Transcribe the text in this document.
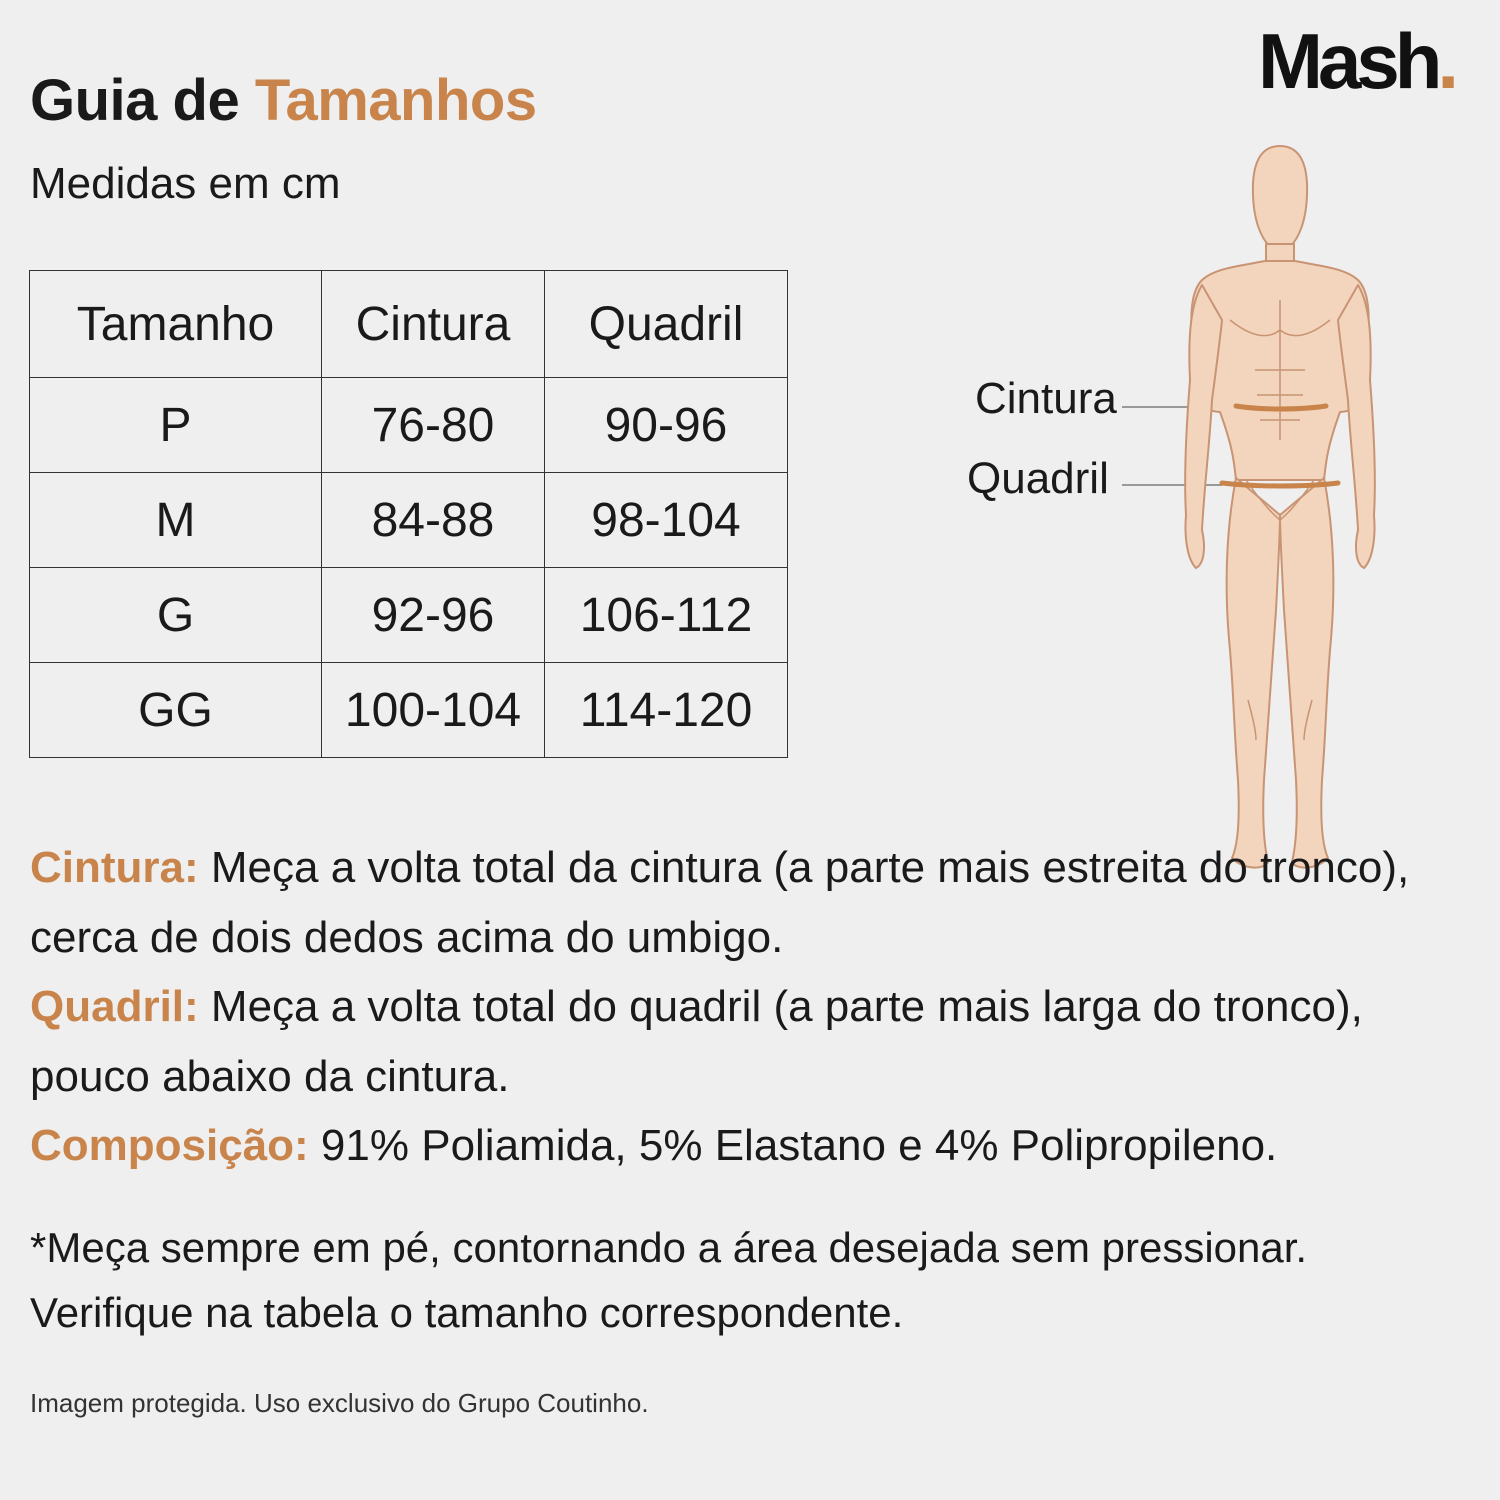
Guia de Tamanhos
Medidas em cm
Mash.
Tamanho	Cintura	Quadril
P	76-80	90-96
M	84-88	98-104
G	92-96	106-112
GG	100-104	114-120
Cintura
Quadril

Cintura: Meça a volta total da cintura (a parte mais estreita do tronco), cerca de dois dedos acima do umbigo.
Quadril: Meça a volta total do quadril (a parte mais larga do tronco), pouco abaixo da cintura.
Composição: 91% Poliamida, 5% Elastano e 4% Polipropileno.

*Meça sempre em pé, contornando a área desejada sem pressionar. Verifique na tabela o tamanho correspondente.

Imagem protegida. Uso exclusivo do Grupo Coutinho.
